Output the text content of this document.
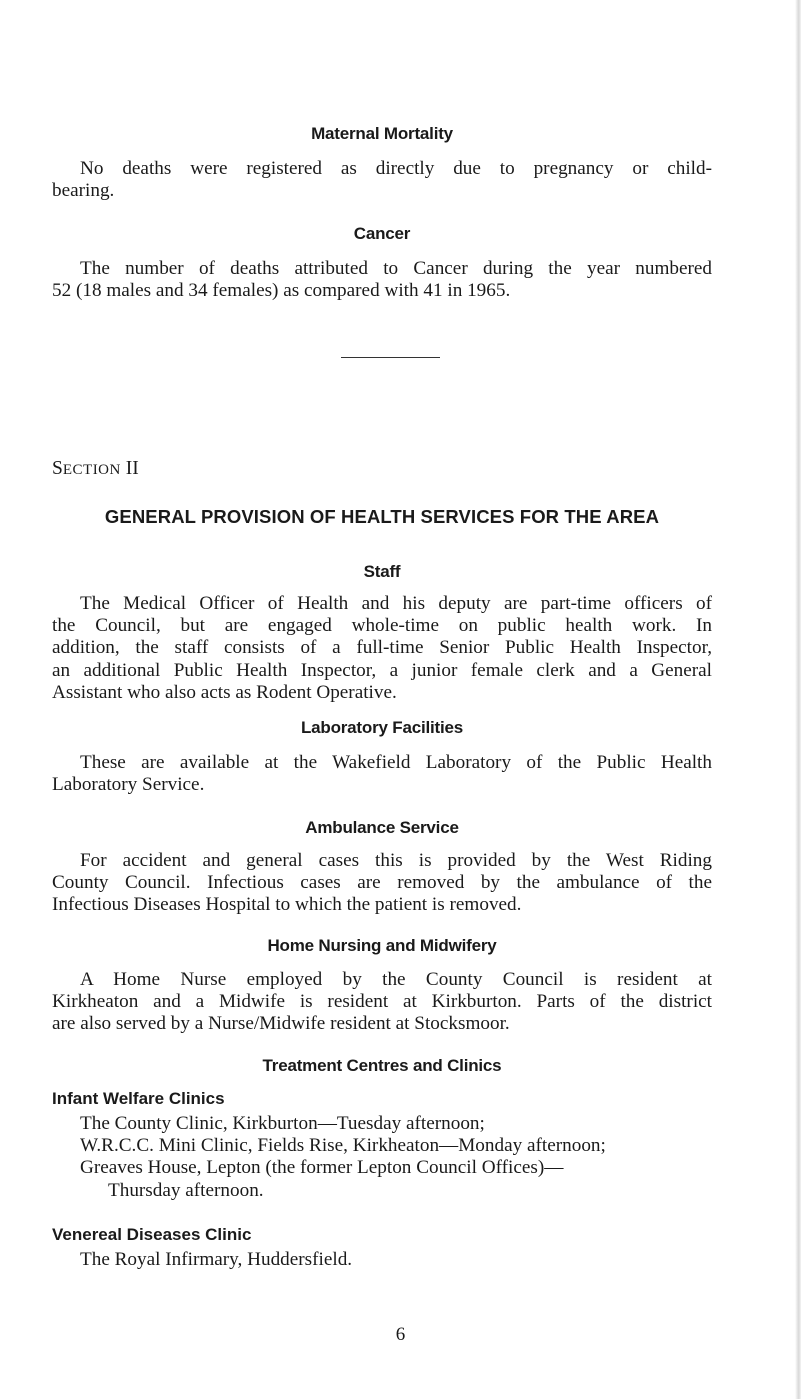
Maternal Mortality
No deaths were registered as directly due to pregnancy or child-
bearing.
Cancer
The number of deaths attributed to Cancer during the year numbered
52 (18 males and 34 females) as compared with 41 in 1965.
SECTION II
GENERAL PROVISION OF HEALTH SERVICES FOR THE AREA
Staff
The Medical Officer of Health and his deputy are part-time officers of
the Council, but are engaged whole-time on public health work. In
addition, the staff consists of a full-time Senior Public Health Inspector,
an additional Public Health Inspector, a junior female clerk and a General
Assistant who also acts as Rodent Operative.
Laboratory Facilities
These are available at the Wakefield Laboratory of the Public Health
Laboratory Service.
Ambulance Service
For accident and general cases this is provided by the West Riding
County Council. Infectious cases are removed by the ambulance of the
Infectious Diseases Hospital to which the patient is removed.
Home Nursing and Midwifery
A Home Nurse employed by the County Council is resident at
Kirkheaton and a Midwife is resident at Kirkburton. Parts of the district
are also served by a Nurse/Midwife resident at Stocksmoor.
Treatment Centres and Clinics
Infant Welfare Clinics
The County Clinic, Kirkburton—Tuesday afternoon;
W.R.C.C. Mini Clinic, Fields Rise, Kirkheaton—Monday afternoon;
Greaves House, Lepton (the former Lepton Council Offices)—
Thursday afternoon.
Venereal Diseases Clinic
The Royal Infirmary, Huddersfield.
6
